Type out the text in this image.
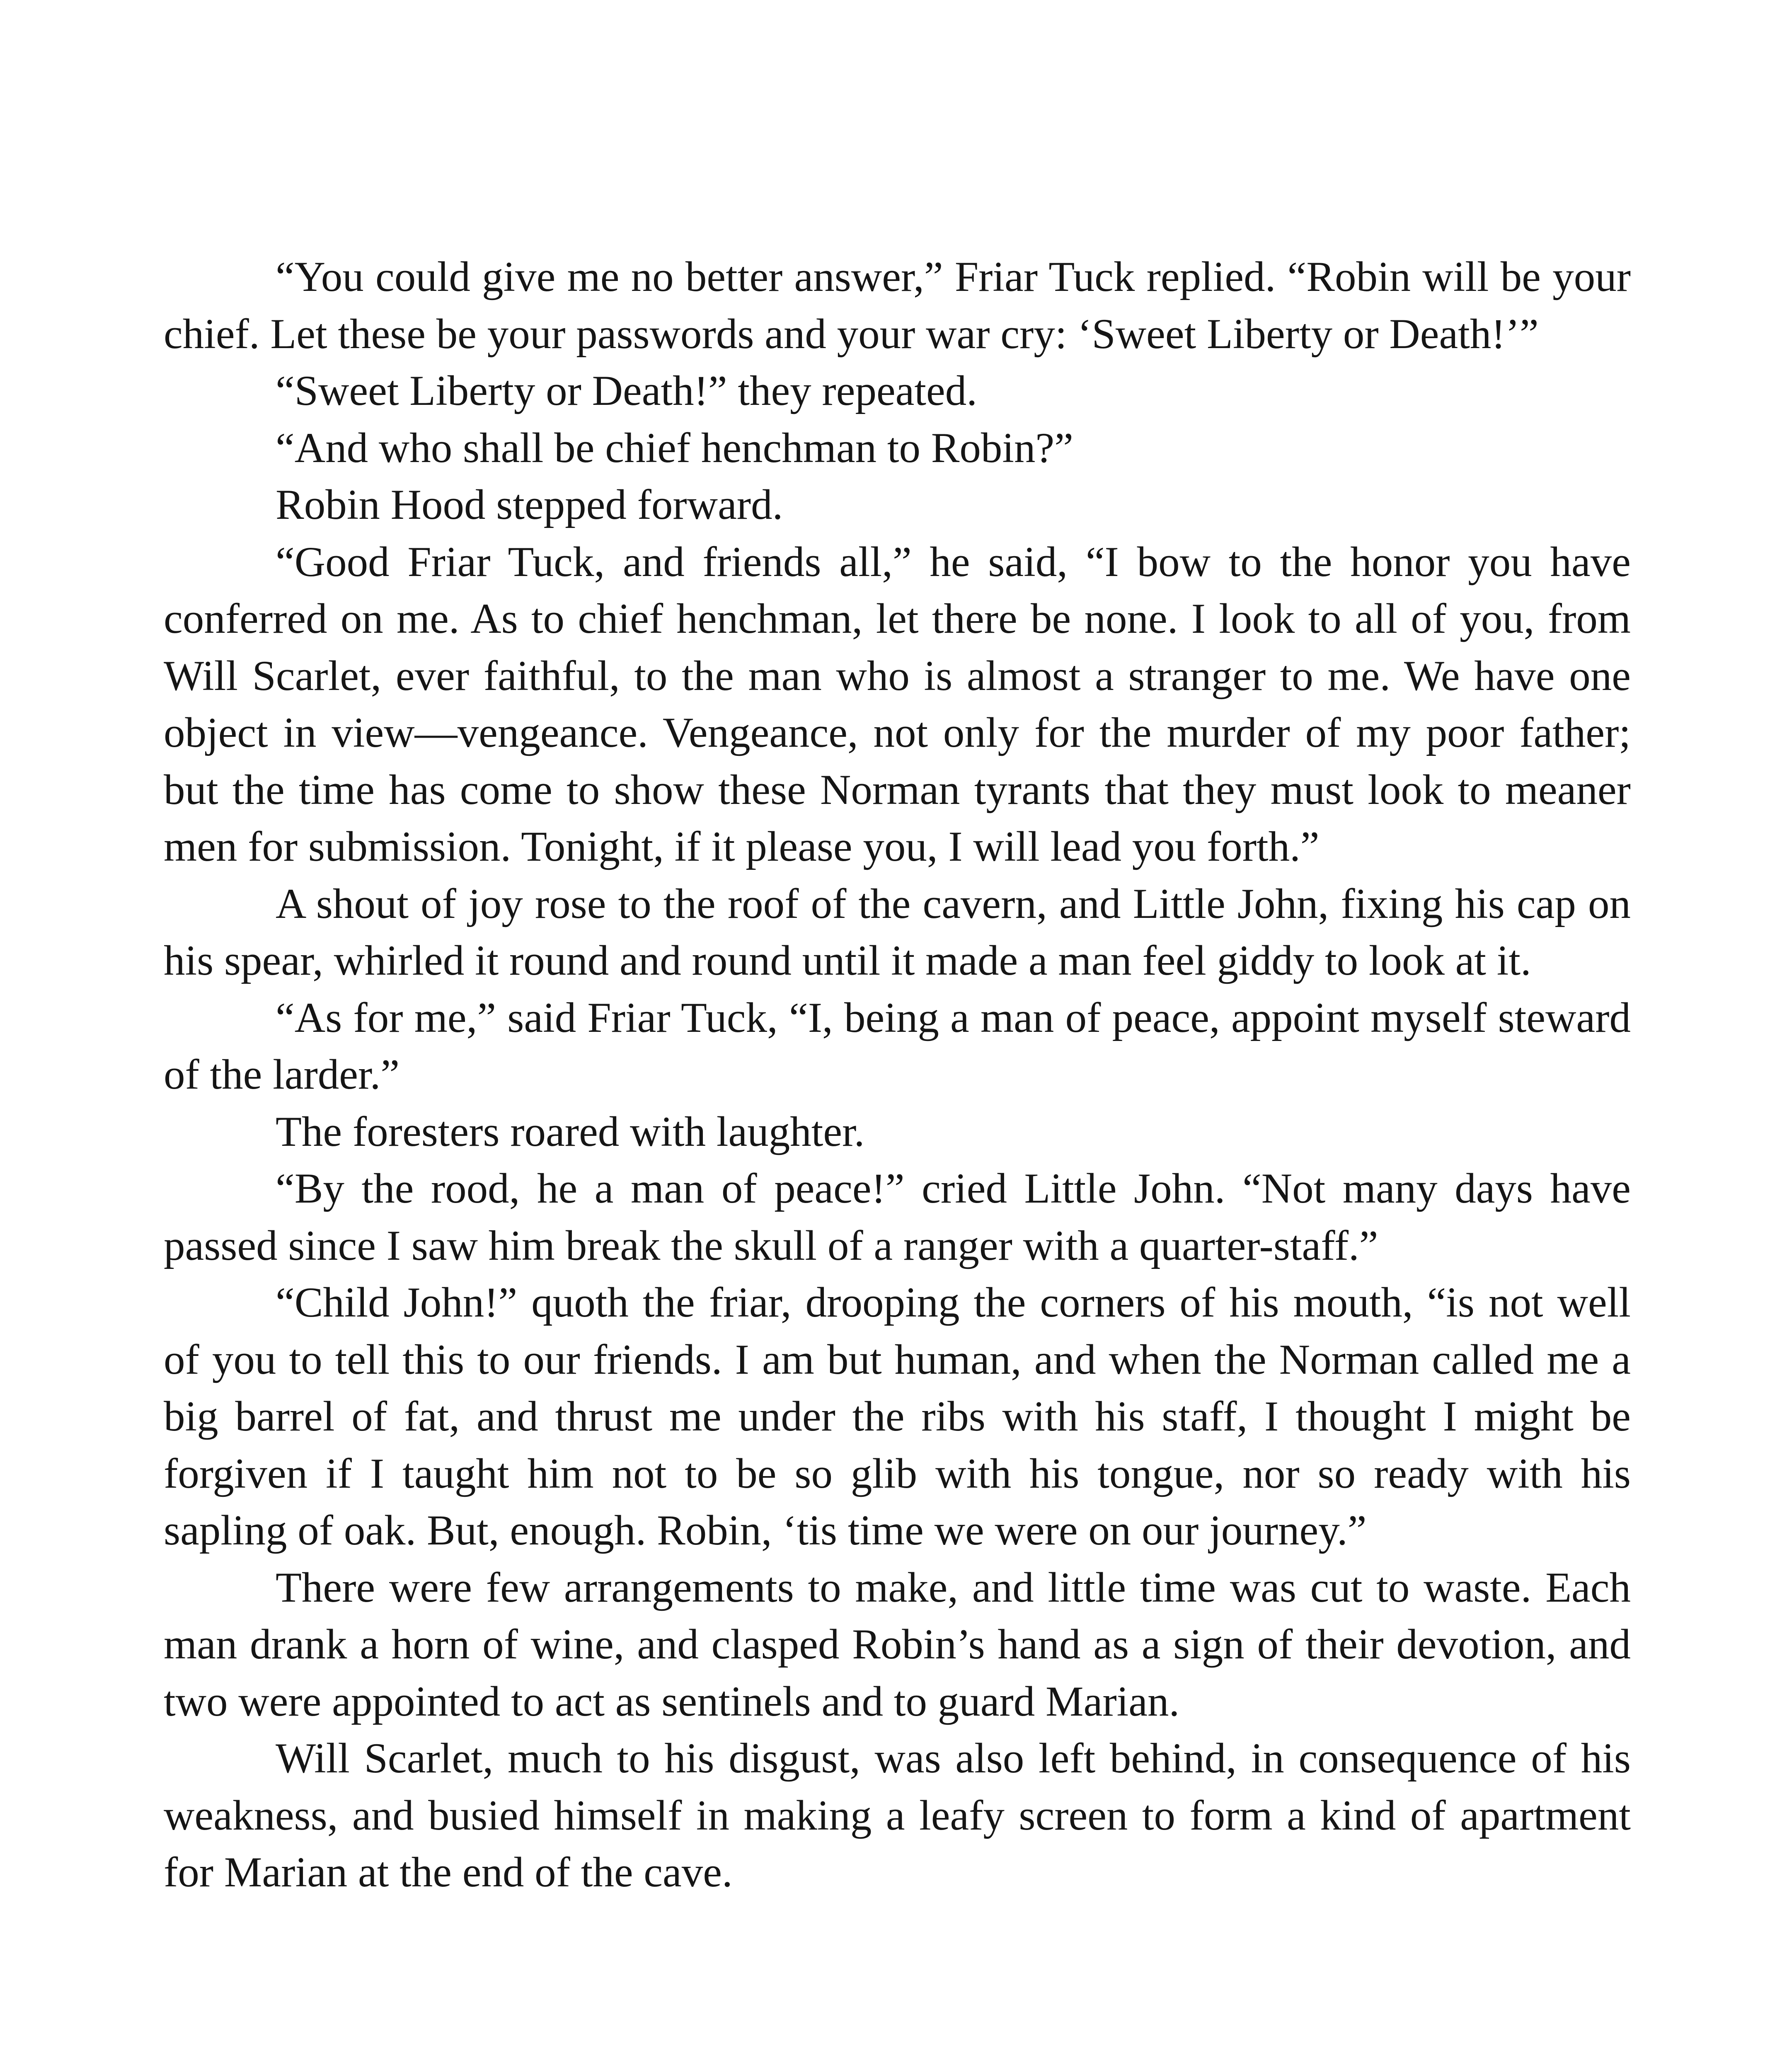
“You could give me no better answer,” Friar Tuck replied. “Robin will be your chief. Let these be your passwords and your war cry: ‘Sweet Liberty or Death!’”

“Sweet Liberty or Death!” they repeated.

“And who shall be chief henchman to Robin?”

Robin Hood stepped forward.

“Good Friar Tuck, and friends all,” he said, “I bow to the honor you have conferred on me. As to chief henchman, let there be none. I look to all of you, from Will Scarlet, ever faithful, to the man who is almost a stranger to me. We have one object in view—vengeance. Vengeance, not only for the murder of my poor father; but the time has come to show these Norman tyrants that they must look to meaner men for submission. Tonight, if it please you, I will lead you forth.”

A shout of joy rose to the roof of the cavern, and Little John, fixing his cap on his spear, whirled it round and round until it made a man feel giddy to look at it.

“As for me,” said Friar Tuck, “I, being a man of peace, appoint myself steward of the larder.”

The foresters roared with laughter.

“By the rood, he a man of peace!” cried Little John. “Not many days have passed since I saw him break the skull of a ranger with a quarter-staff.”

“Child John!” quoth the friar, drooping the corners of his mouth, “is not well of you to tell this to our friends. I am but human, and when the Norman called me a big barrel of fat, and thrust me under the ribs with his staff, I thought I might be forgiven if I taught him not to be so glib with his tongue, nor so ready with his sapling of oak. But, enough. Robin, ‘tis time we were on our journey.”

There were few arrangements to make, and little time was cut to waste. Each man drank a horn of wine, and clasped Robin’s hand as a sign of their devotion, and two were appointed to act as sentinels and to guard Marian.

Will Scarlet, much to his disgust, was also left behind, in consequence of his weakness, and busied himself in making a leafy screen to form a kind of apartment for Marian at the end of the cave.
